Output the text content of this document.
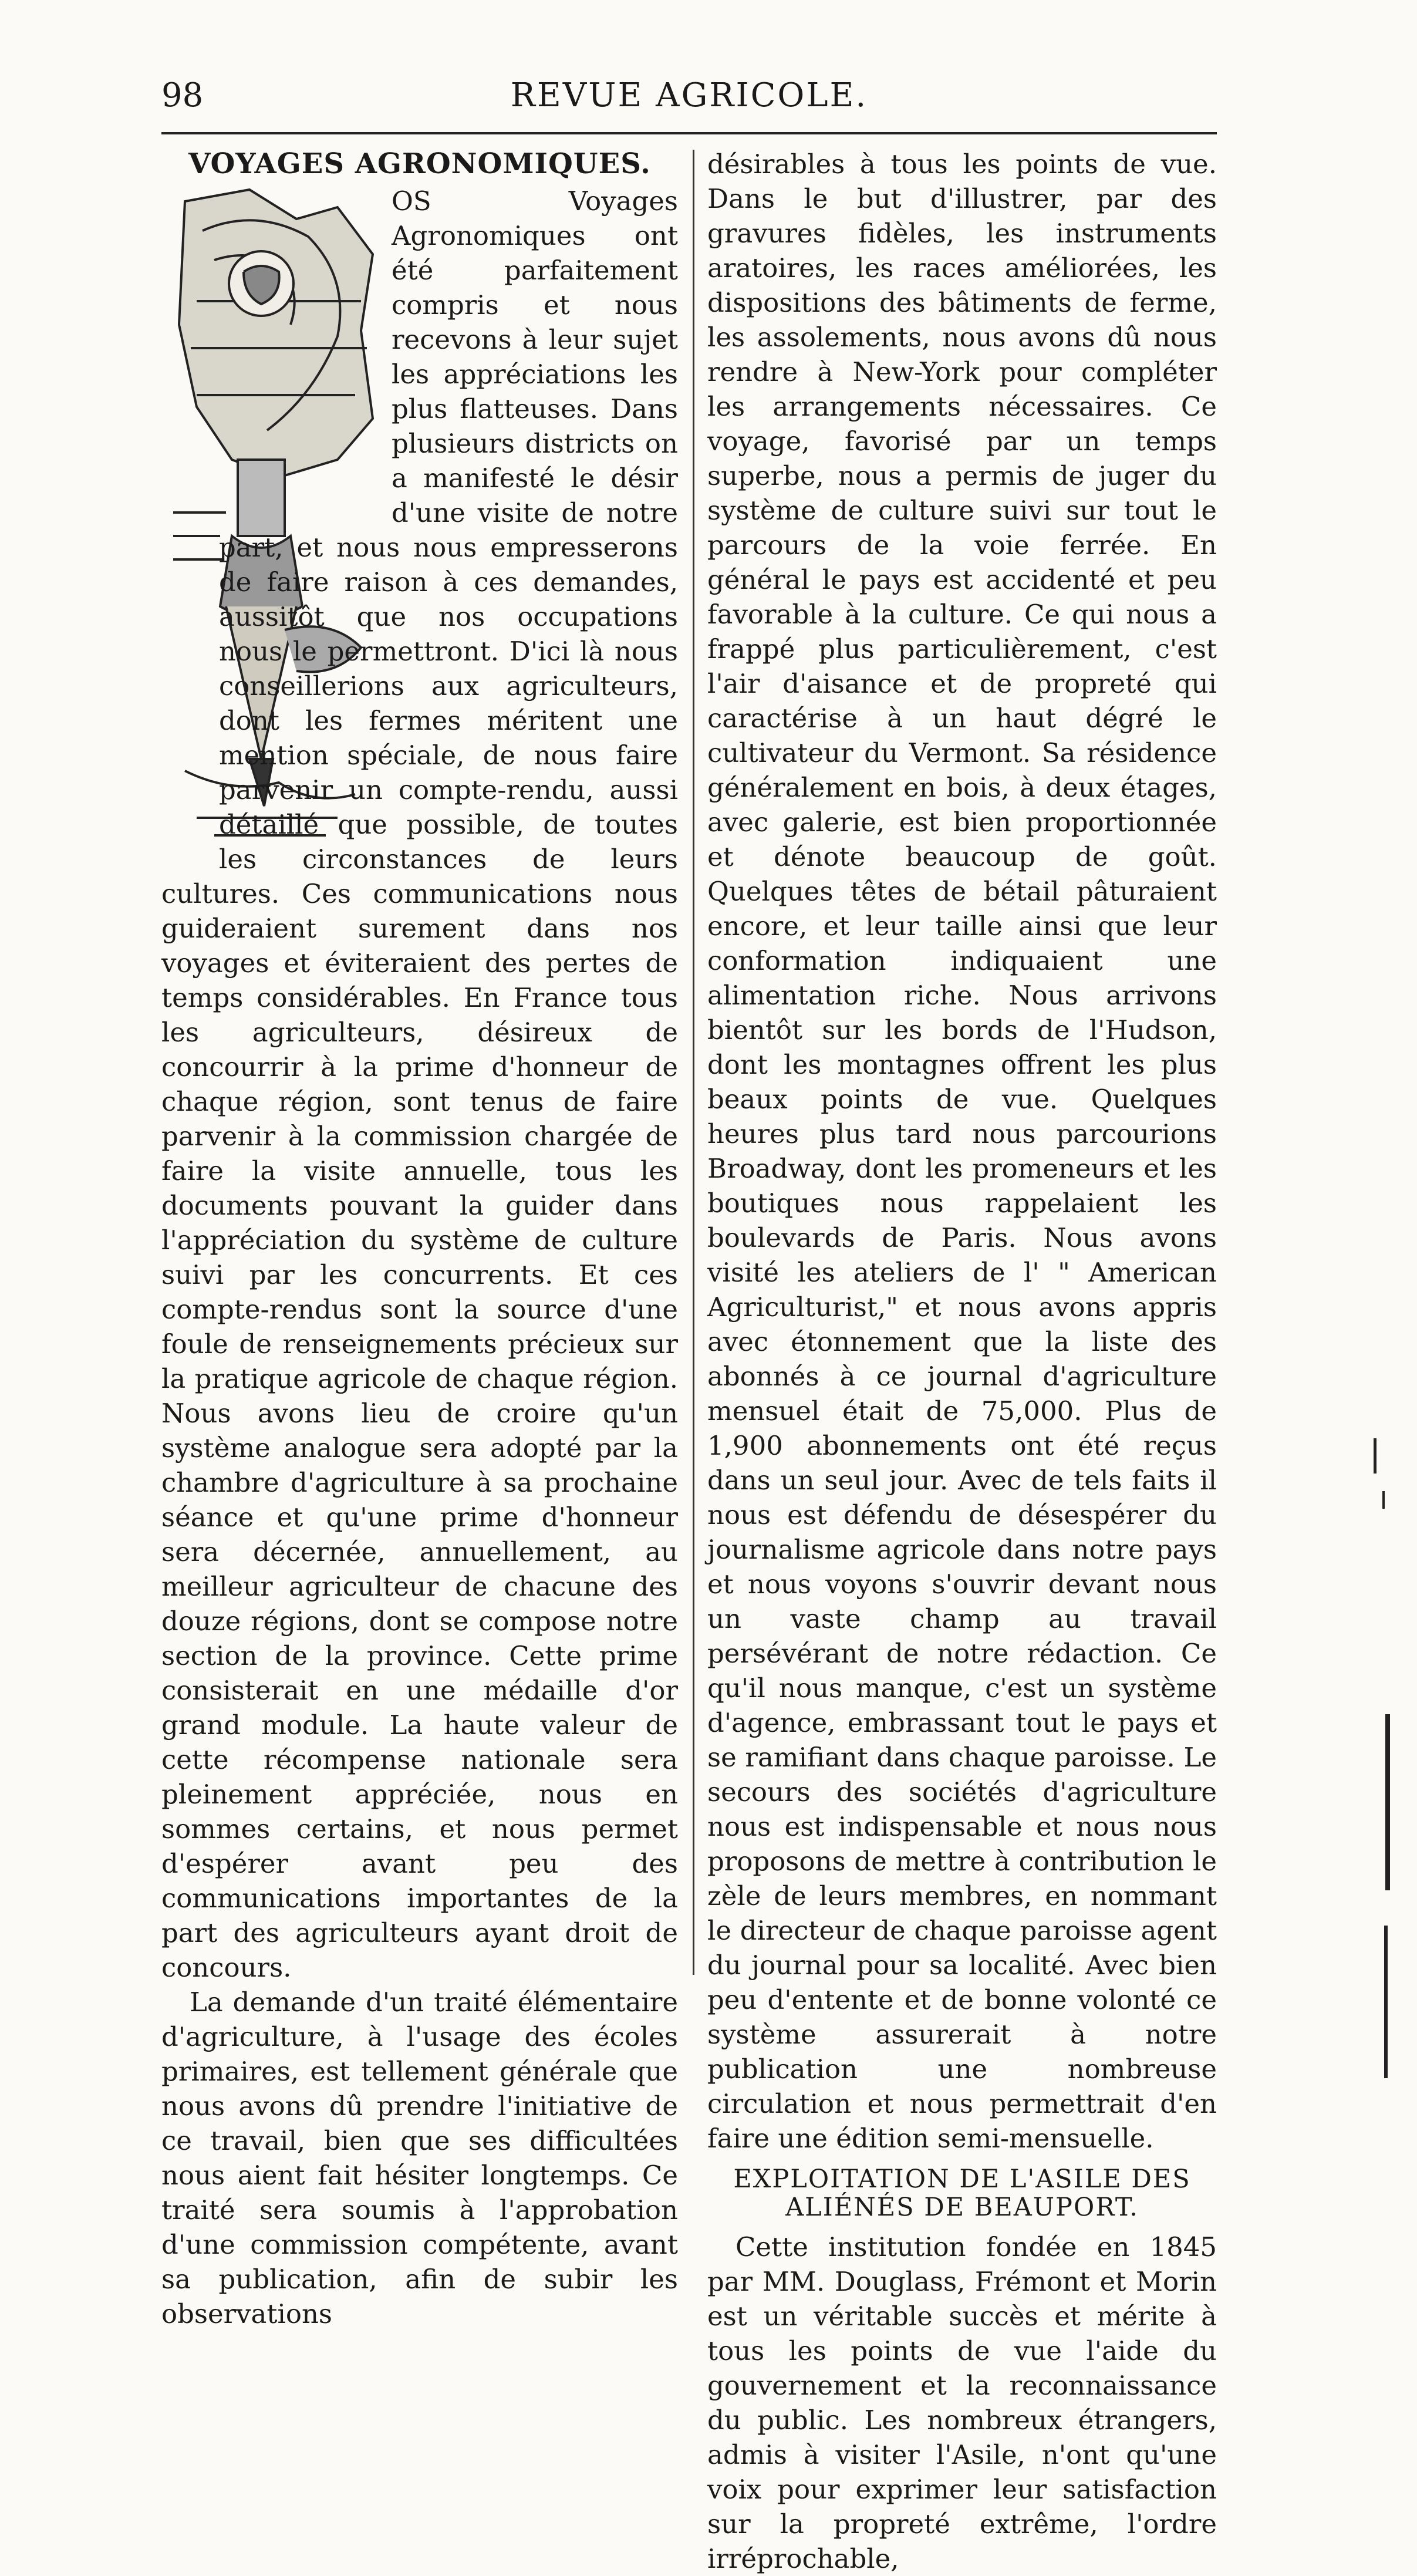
98	REVUE AGRICOLE.
VOYAGES AGRONOMIQUES.

OS Voyages Agronomiques ont été parfaitement compris et nous recevons à leur sujet les appréciations les plus flatteuses. Dans plusieurs districts on a manifesté le désir d'une visite de notre part, et nous nous empresserons de faire raison à ces demandes, aussitôt que nos occupations nous le permettront. D'ici là nous conseillerions aux agriculteurs, dont les fermes méritent une mention spéciale, de nous faire parvenir un compte-rendu, aussi détaillé que possible, de toutes les circonstances de leurs cultures. Ces communications nous guideraient surement dans nos voyages et éviteraient des pertes de temps considérables. En France tous les agriculteurs, désireux de concourrir à la prime d'honneur de chaque région, sont tenus de faire parvenir à la commission chargée de faire la visite annuelle, tous les documents pouvant la guider dans l'appréciation du système de culture suivi par les concurrents. Et ces compte-rendus sont la source d'une foule de renseignements précieux sur la pratique agricole de chaque région. Nous avons lieu de croire qu'un système analogue sera adopté par la chambre d'agriculture à sa prochaine séance et qu'une prime d'honneur sera décernée, annuellement, au meilleur agriculteur de chacune des douze régions, dont se compose notre section de la province. Cette prime consisterait en une médaille d'or grand module. La haute valeur de cette récompense nationale sera pleinement appréciée, nous en sommes certains, et nous permet d'espérer avant peu des communications importantes de la part des agriculteurs ayant droit de concours.

La demande d'un traité élémentaire d'agriculture, à l'usage des écoles primaires, est tellement générale que nous avons dû prendre l'initiative de ce travail, bien que ses difficultées nous aient fait hésiter longtemps. Ce traité sera soumis à l'approbation d'une commission compétente, avant sa publication, afin de subir les observations

désirables à tous les points de vue. Dans le but d'illustrer, par des gravures fidèles, les instruments aratoires, les races améliorées, les dispositions des bâtiments de ferme, les assolements, nous avons dû nous rendre à New-York pour compléter les arrangements nécessaires. Ce voyage, favorisé par un temps superbe, nous a permis de juger du système de culture suivi sur tout le parcours de la voie ferrée. En général le pays est accidenté et peu favorable à la culture. Ce qui nous a frappé plus particulièrement, c'est l'air d'aisance et de propreté qui caractérise à un haut dégré le cultivateur du Vermont. Sa résidence généralement en bois, à deux étages, avec galerie, est bien proportionnée et dénote beaucoup de goût. Quelques têtes de bétail pâturaient encore, et leur taille ainsi que leur conformation indiquaient une alimentation riche. Nous arrivons bientôt sur les bords de l'Hudson, dont les montagnes offrent les plus beaux points de vue. Quelques heures plus tard nous parcourions Broadway, dont les promeneurs et les boutiques nous rappelaient les boulevards de Paris. Nous avons visité les ateliers de l' " American Agriculturist," et nous avons appris avec étonnement que la liste des abonnés à ce journal d'agriculture mensuel était de 75,000. Plus de 1,900 abonnements ont été reçus dans un seul jour. Avec de tels faits il nous est défendu de désespérer du journalisme agricole dans notre pays et nous voyons s'ouvrir devant nous un vaste champ au travail persévérant de notre rédaction. Ce qu'il nous manque, c'est un système d'agence, embrassant tout le pays et se ramifiant dans chaque paroisse. Le secours des sociétés d'agriculture nous est indispensable et nous nous proposons de mettre à contribution le zèle de leurs membres, en nommant le directeur de chaque paroisse agent du journal pour sa localité. Avec bien peu d'entente et de bonne volonté ce système assurerait à notre publication une nombreuse circulation et nous permettrait d'en faire une édition semi-mensuelle.

EXPLOITATION DE L'ASILE DES ALIÉNÉS DE BEAUPORT.

Cette institution fondée en 1845 par MM. Douglass, Frémont et Morin est un véritable succès et mérite à tous les points de vue l'aide du gouvernement et la reconnaissance du public. Les nombreux étrangers, admis à visiter l'Asile, n'ont qu'une voix pour exprimer leur satisfaction sur la propreté extrême, l'ordre irréprochable,
